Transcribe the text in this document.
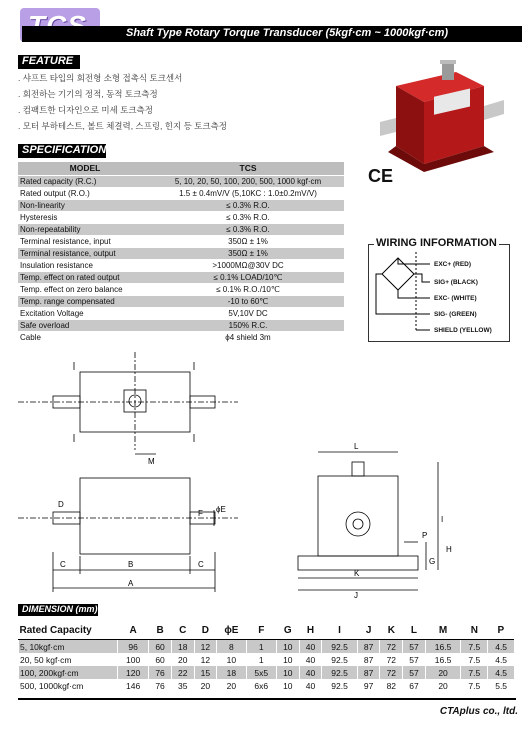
Shaft Type Rotary Torque Transducer (5kgf·cm ~ 1000kgf·cm)
FEATURE
. 샤프트 타입의 회전형 소형 접촉식 토크센서
. 회전하는 기기의 정적, 동적 토크측정
. 컴팩트한 디자인으로 미세 토크측정
. 모터 부하테스트, 볼트 체결력, 스프링, 힌지 등 토크측정
CE
SPECIFICATION
MODEL	TCS
Rated capacity (R.C.)	5, 10, 20, 50, 100, 200, 500, 1000 kgf·cm
Rated output (R.O.)	1.5 ± 0.4mV/V (5,10KC : 1.0±0.2mV/V)
Non-linearity	≤ 0.3% R.O.
Hysteresis	≤ 0.3% R.O.
Non-repeatability	≤ 0.3% R.O.
Terminal resistance, input	350Ω ± 1%
Terminal resistance, output	350Ω ± 1%
Insulation resistance	>1000MΩ@30V DC
Temp. effect on rated output	≤ 0.1% LOAD/10℃
Temp. effect on zero balance	≤ 0.1% R.O./10℃
Temp. range compensated	-10 to 60℃
Excitation Voltage	5V,10V DC
Safe overload	150% R.C.
Cable	ϕ4 shield 3m
WIRING INFORMATION
EXC+ (RED)
SIG+ (BLACK)
EXC- (WHITE)
SIG- (GREEN)
SHIELD (YELLOW)
M
D
F ϕE
B
C	C
A
L
I
P
H
G
K
J
DIMENSION (mm)
Rated Capacity	A	B	C	D	ϕE	F	G	H	I	J	K	L	M	N	P
5, 10kgf·cm	96	60	18	12	8	1	10	40	92.5	87	72	57	16.5	7.5	4.5
20, 50 kgf·cm	100	60	20	12	10	1	10	40	92.5	87	72	57	16.5	7.5	4.5
100, 200kgf·cm	120	76	22	15	18	5x5	10	40	92.5	87	72	57	20	7.5	4.5
500, 1000kgf·cm	146	76	35	20	20	6x6	10	40	92.5	97	82	67	20	7.5	5.5
CTAplus co., ltd.
